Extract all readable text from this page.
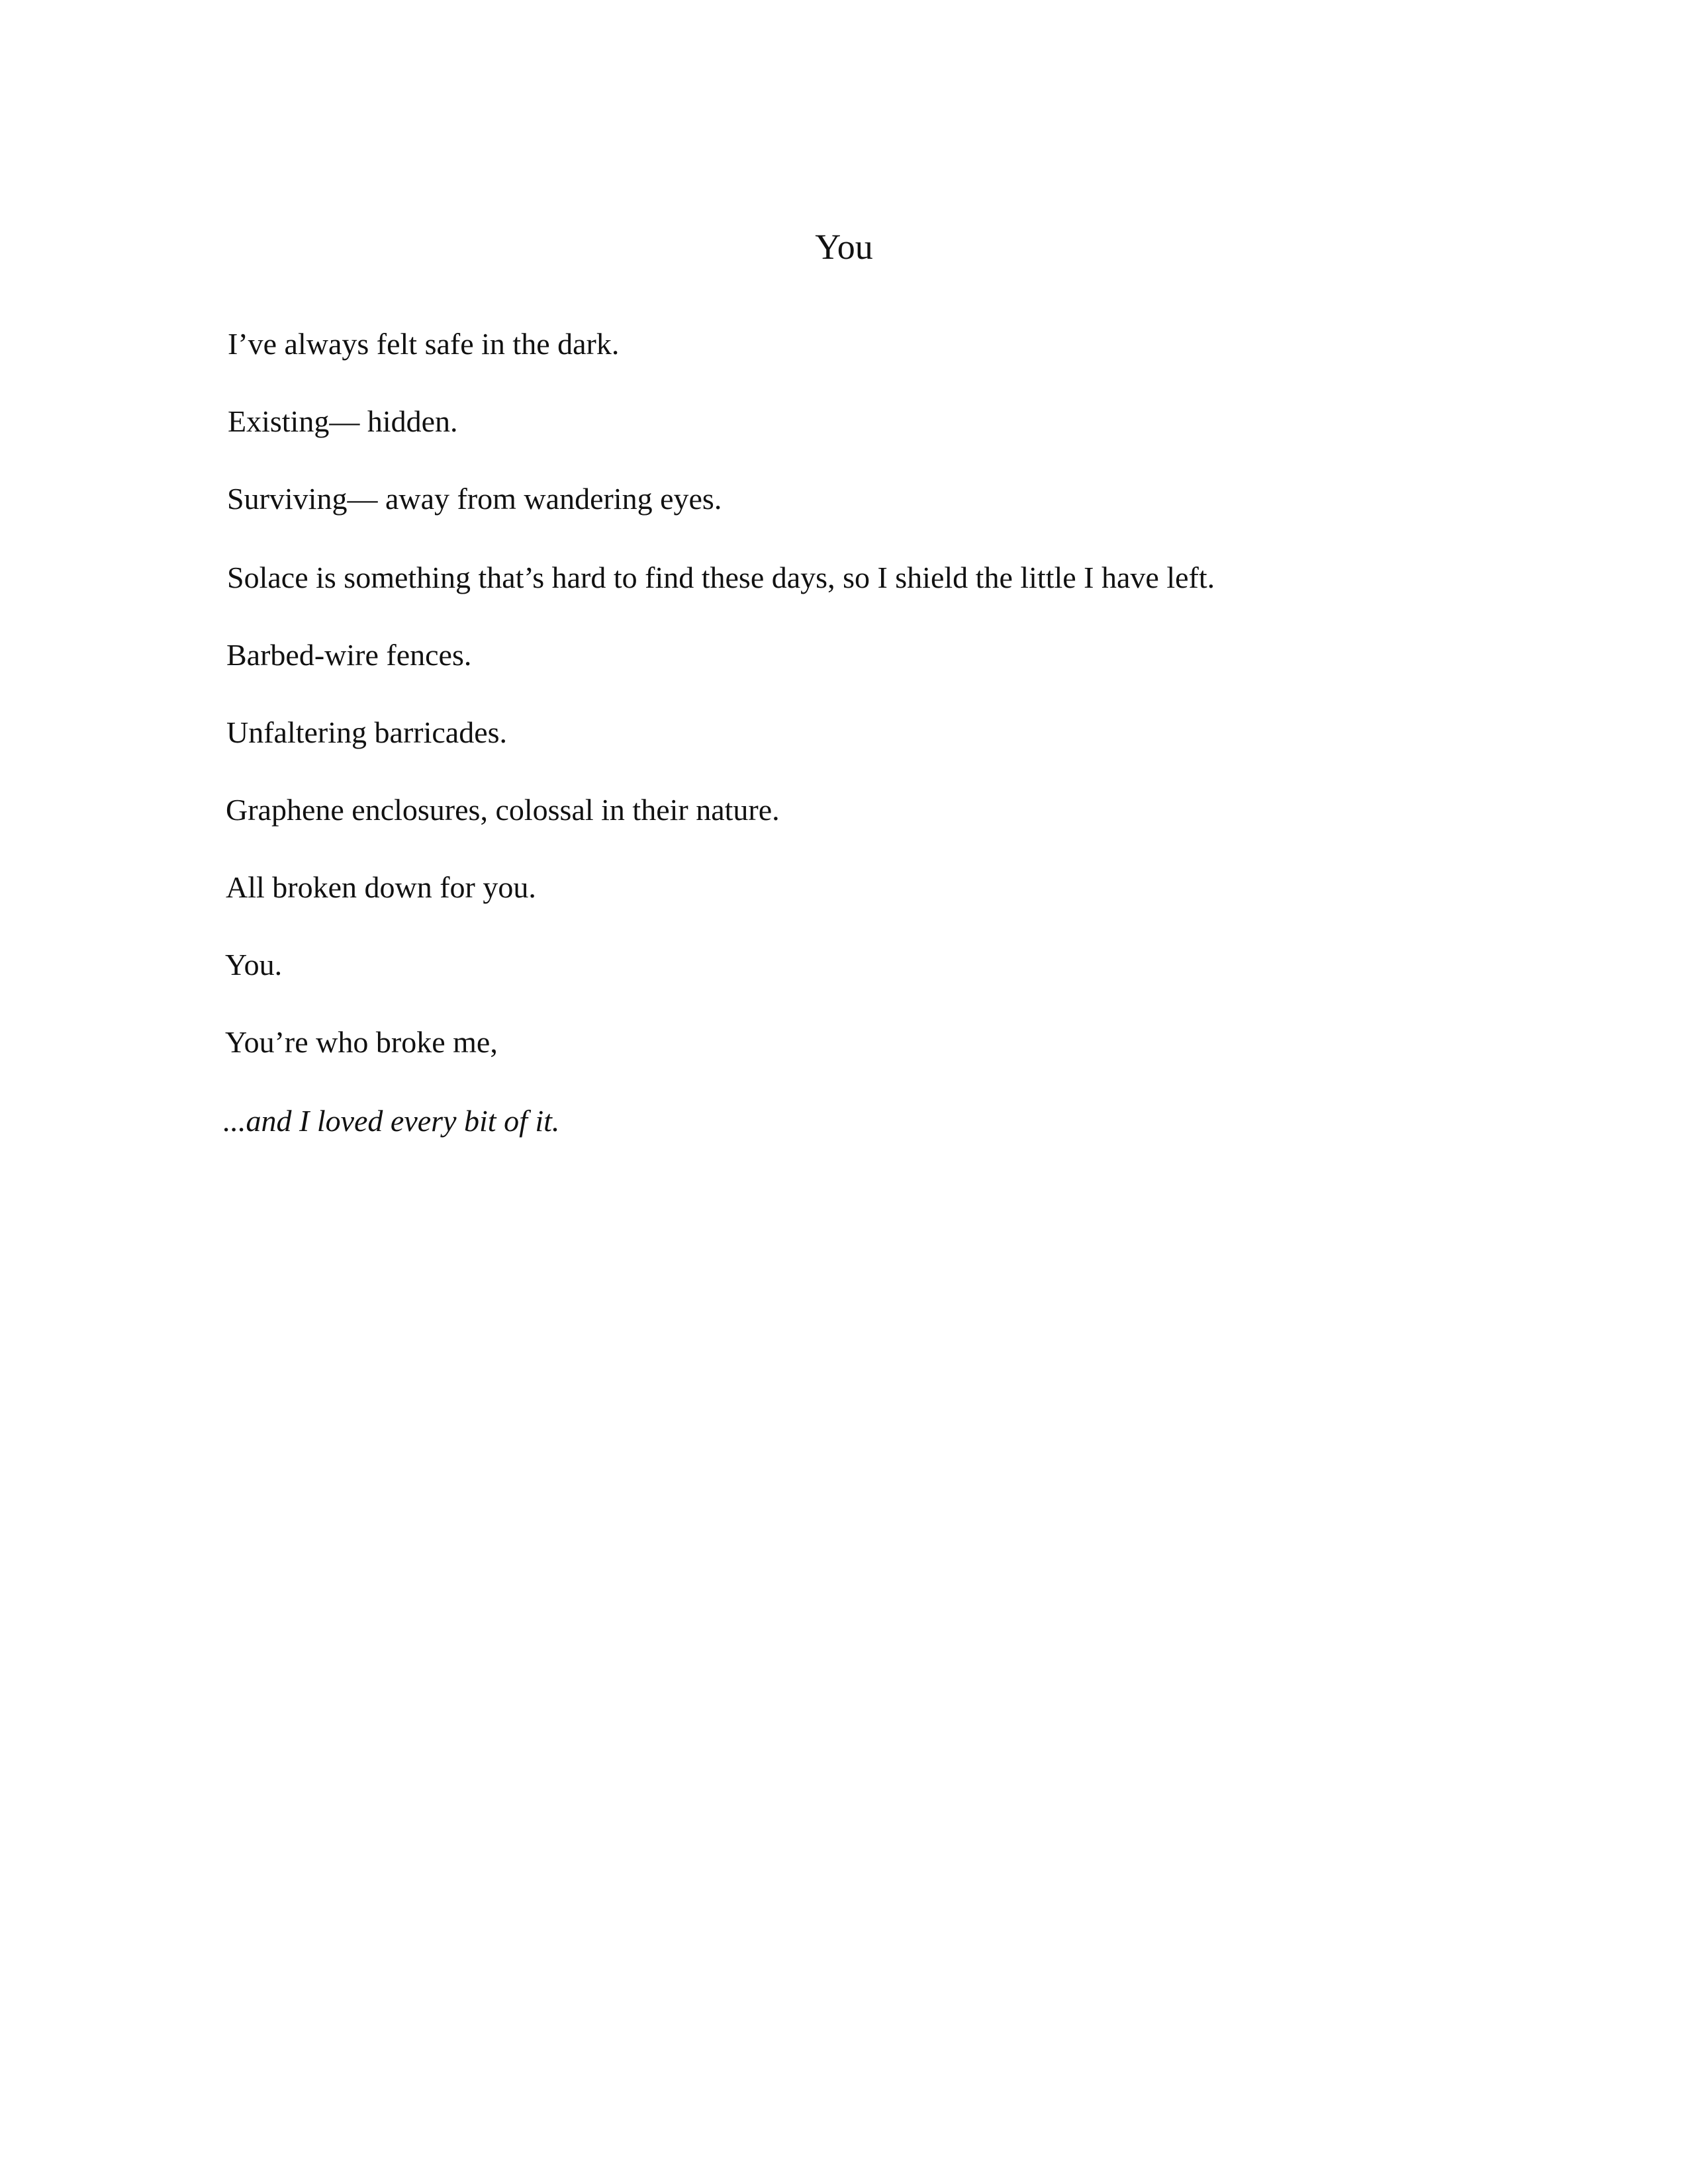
You

I’ve always felt safe in the dark.

Existing— hidden.

Surviving— away from wandering eyes.

Solace is something that’s hard to find these days, so I shield the little I have left.

Barbed-wire fences.

Unfaltering barricades.

Graphene enclosures, colossal in their nature.

All broken down for you.

You.

You’re who broke me,

...and I loved every bit of it.
